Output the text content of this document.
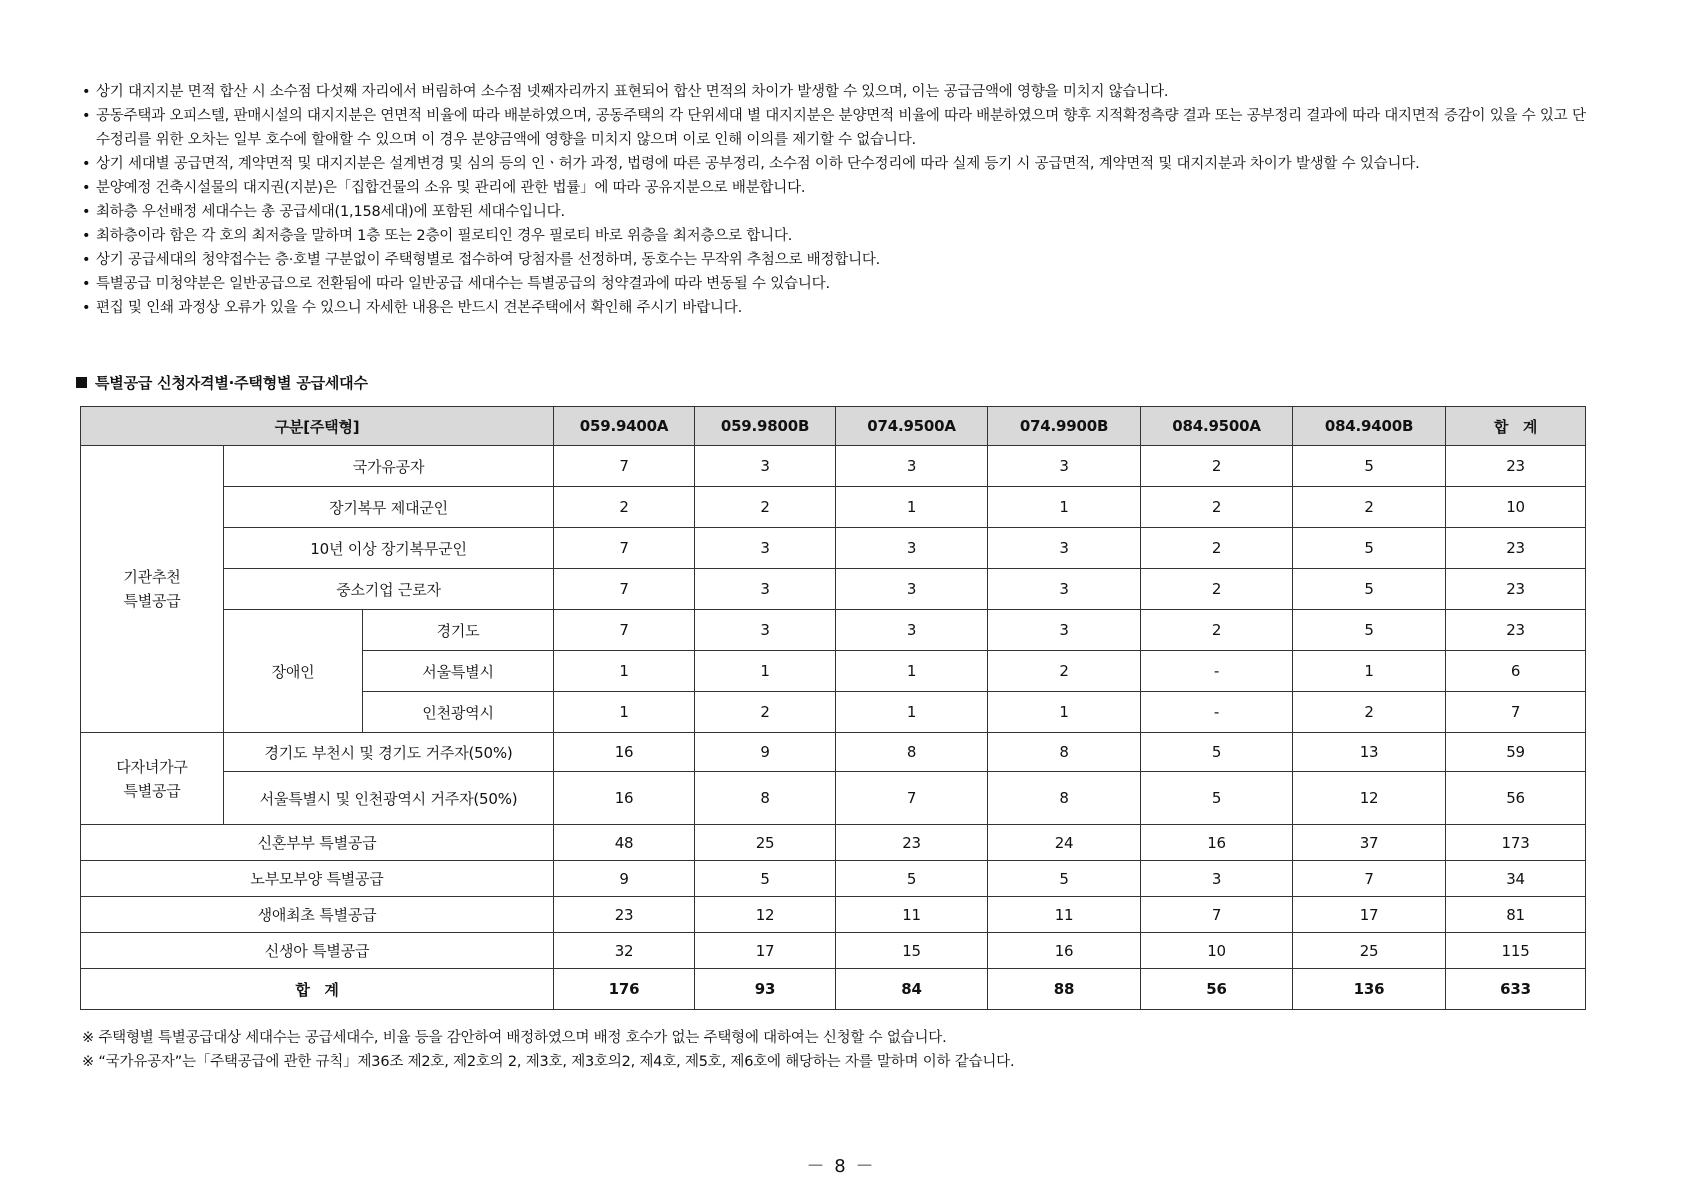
• 상기 대지지분 면적 합산 시 소수점 다섯째 자리에서 버림하여 소수점 넷째자리까지 표현되어 합산 면적의 차이가 발생할 수 있으며, 이는 공급금액에 영향을 미치지 않습니다.
• 공동주택과 오피스텔, 판매시설의 대지지분은 연면적 비율에 따라 배분하였으며, 공동주택의 각 단위세대 별 대지지분은 분양면적 비율에 따라 배분하였으며 향후 지적확정측량 결과 또는 공부정리 결과에 따라 대지면적 증감이 있을 수 있고 단수정리를 위한 오차는 일부 호수에 할애할 수 있으며 이 경우 분양금액에 영향을 미치지 않으며 이로 인해 이의를 제기할 수 없습니다.
• 상기 세대별 공급면적, 계약면적 및 대지지분은 설계변경 및 심의 등의 인ㆍ허가 과정, 법령에 따른 공부정리, 소수점 이하 단수정리에 따라 실제 등기 시 공급면적, 계약면적 및 대지지분과 차이가 발생할 수 있습니다.
• 분양예정 건축시설물의 대지권(지분)은「집합건물의 소유 및 관리에 관한 법률」에 따라 공유지분으로 배분합니다.
• 최하층 우선배정 세대수는 총 공급세대(1,158세대)에 포함된 세대수입니다.
• 최하층이라 함은 각 호의 최저층을 말하며 1층 또는 2층이 필로티인 경우 필로티 바로 위층을 최저층으로 합니다.
• 상기 공급세대의 청약접수는 층·호별 구분없이 주택형별로 접수하여 당첨자를 선정하며, 동호수는 무작위 추첨으로 배정합니다.
• 특별공급 미청약분은 일반공급으로 전환됨에 따라 일반공급 세대수는 특별공급의 청약결과에 따라 변동될 수 있습니다.
• 편집 및 인쇄 과정상 오류가 있을 수 있으니 자세한 내용은 반드시 견본주택에서 확인해 주시기 바랍니다.
특별공급 신청자격별·주택형별 공급세대수
구분[주택형]			059.9400A	059.9800B	074.9500A	074.9900B	084.9500A	084.9400B	합　계
기관추천
특별공급	국가유공자		7	3	3	3	2	5	23
	장기복무 제대군인		2	2	1	1	2	2	10
	10년 이상 장기복무군인		7	3	3	3	2	5	23
	중소기업 근로자		7	3	3	3	2	5	23
	장애인	경기도	7	3	3	3	2	5	23
		서울특별시	1	1	1	2	-	1	6
		인천광역시	1	2	1	1	-	2	7
다자녀가구
특별공급	경기도 부천시 및 경기도 거주자(50%)		16	9	8	8	5	13	59
	서울특별시 및 인천광역시 거주자(50%)		16	8	7	8	5	12	56
신혼부부 특별공급			48	25	23	24	16	37	173
노부모부양 특별공급			9	5	5	5	3	7	34
생애최초 특별공급			23	12	11	11	7	17	81
신생아 특별공급			32	17	15	16	10	25	115
합　계			176	93	84	88	56	136	633
※ 주택형별 특별공급대상 세대수는 공급세대수, 비율 등을 감안하여 배정하였으며 배정 호수가 없는 주택형에 대하여는 신청할 수 없습니다.
※ “국가유공자”는「주택공급에 관한 규칙」제36조 제2호, 제2호의 2, 제3호, 제3호의2, 제4호, 제5호, 제6호에 해당하는 자를 말하며 이하 같습니다.
－ 8 －
